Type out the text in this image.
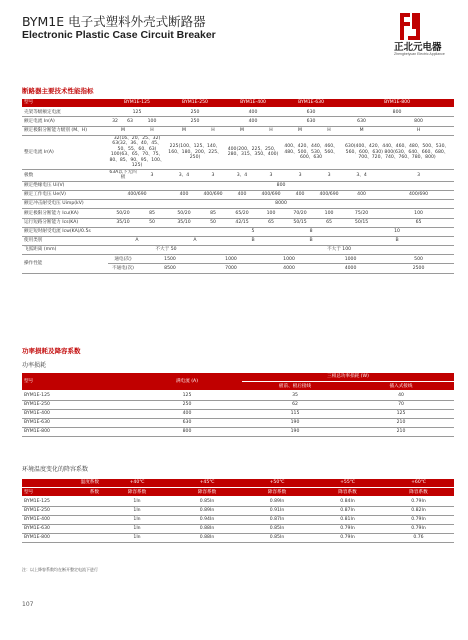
BYM1E 电子式塑料外壳式断路器
Electronic Plastic Case Circuit Breaker
正北元电器
Zhengbeiyuan Electric Appliance
断路器主要技术性能指标
型号	BYM1E-125			BYM1E-250		BYM1E-400		BYM1E-630		BYM1E-800	
壳架等级额定电流	125			250		400		630		800	
额定电流 In(A)	32	63	100	250		400		630		630	800
额定极限分断能力级别 (M、H)	M		H	M	H	M	H	M	H	M	H
整定电流 Ir(A)	32(16、20、25、32) 63(32、36、40、45、50、55、60、63) 100(63、65、70、75、80、85、90、95、100、125)			225(100、125、140、160、180、200、225、250)		400(200、225、250、280、315、350、400)		400、420、440、460、480、500、530、560、600、630		630(400、420、440、460、480、500、530、560、600、630) 800(630、640、660、680、700、720、740、760、780、800)	
极数	63A以下无四极		3	3、4	3	3、4	3	3	3	3、4	3
额定绝缘电压 Ui(V)	800										
额定工作电压 Ue(V)	400/690			400	400/690	400	400/690	400	400/690	400	400/690
额定冲击耐受电压 Uimp(kV)	8000										
额定极限分断能力 Icu(KA)	50/20		85	50/20	85	65/20	100	70/20	100	75/20	100
运行短路分断能力 Ics(KA)	35/10		50	35/10	50	42/15	65	50/15	65	50/15	65
额定短时耐受电流 Icw(KA)/0.5s						5		8		10	
使用类别	A			A		B		B		B	
飞弧距离 (mm)	不大于 50					不大于 100					
操作性能	通电(次)		1500		1000		1000		1000		500
	不通电(次)		8500		7000		4000		4000		2500
功率损耗及降容系数
功率损耗
型号	满电流 (A)	三相总功率损耗 (W)	
		板前、板后接线	插入式接线
BYM1E-125	125	35	40
BYM1E-250	250	62	70
BYM1E-400	400	115	125
BYM1E-630	630	190	210
BYM1E-800	800	190	210
环境温度变化的降容系数
温度系数	+40℃	+45℃	+50℃	+55℃	+60℃
型号 系数	降容系数	降容系数	降容系数	降容系数	降容系数
BYM1E-125	1In	0.85In	0.89In	0.84In	0.79In
BYM1E-250	1In	0.89In	0.91In	0.87In	0.82In
BYM1E-400	1In	0.94In	0.87In	0.81In	0.79In
BYM1E-630	1In	0.88In	0.85In	0.79In	0.79In
BYM1E-800	1In	0.88In	0.85In	0.79In	0.76
注：以上降容系数均在断开整定电流下进行
107
